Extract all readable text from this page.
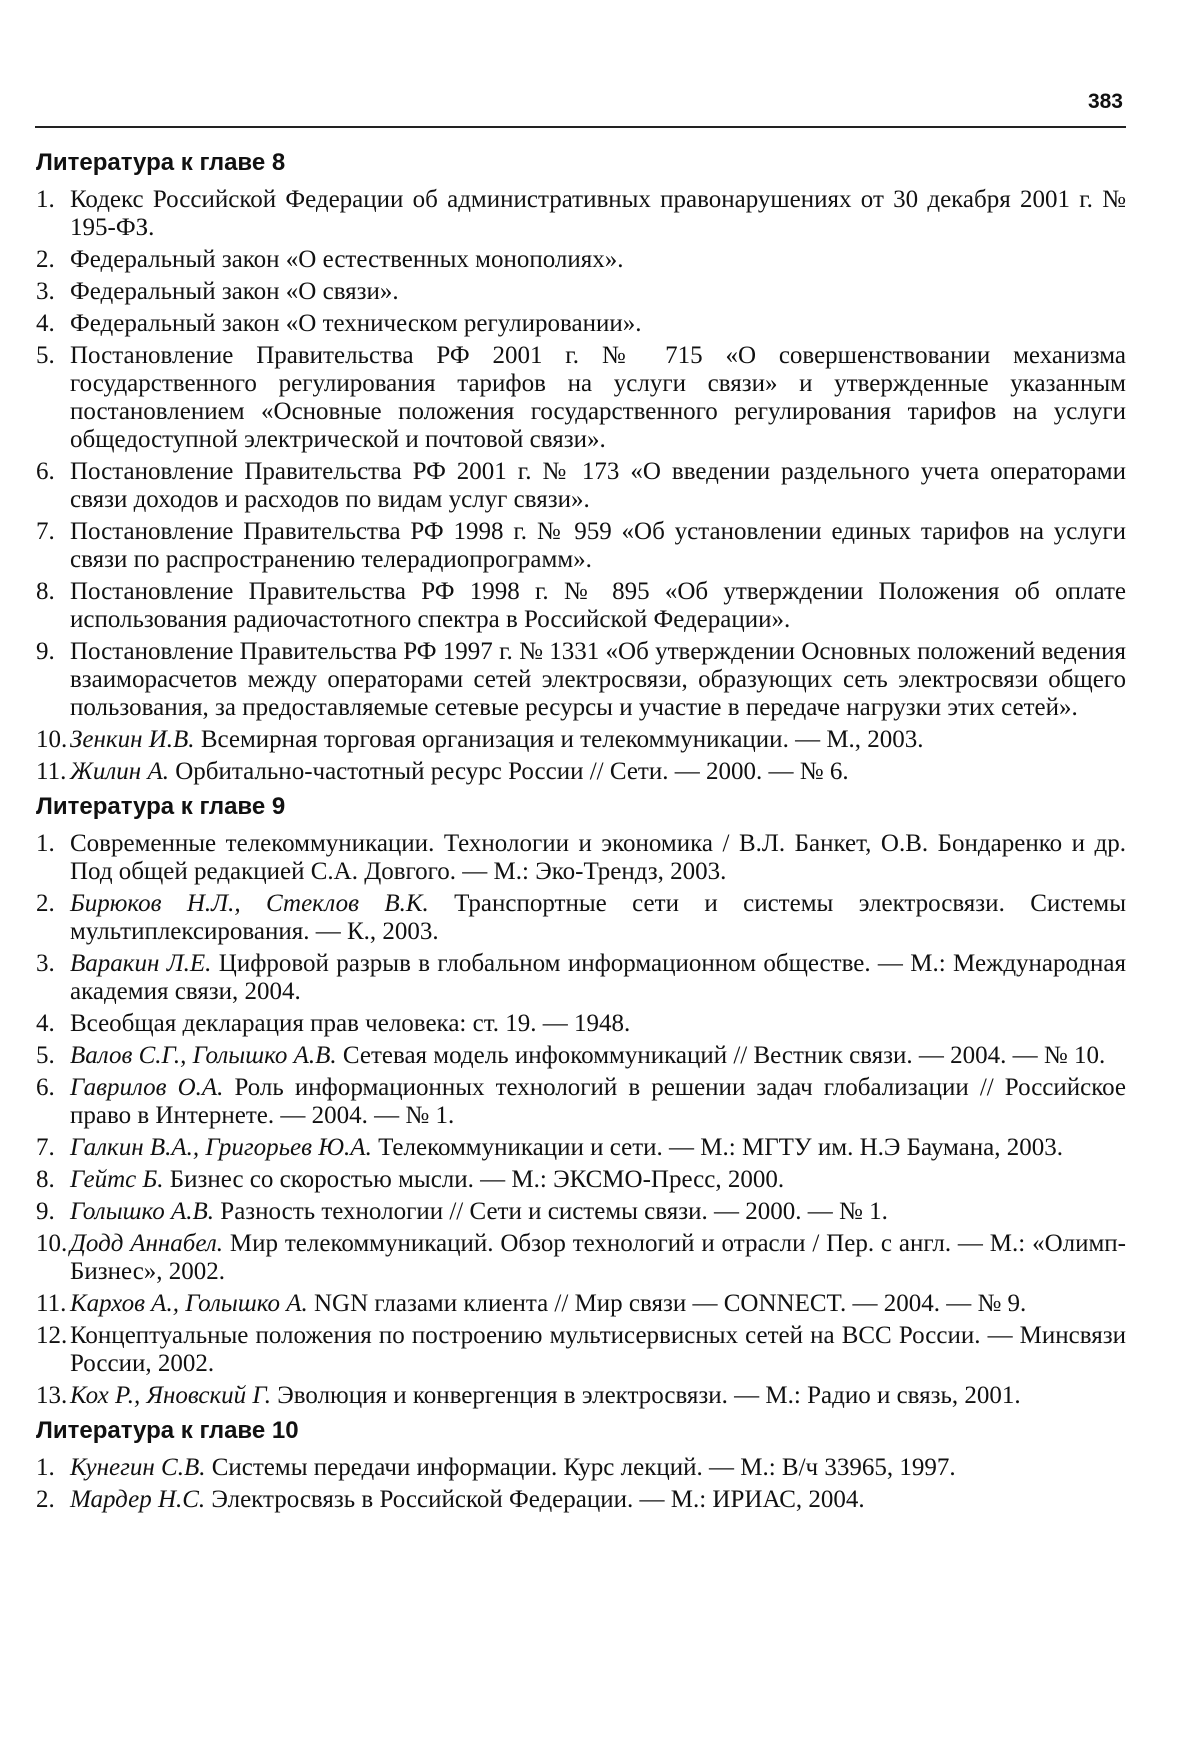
383
Литература к главе 8
1. Кодекс Российской Федерации об административных правонарушениях от 30 декабря 2001 г. № 195-ФЗ.
2. Федеральный закон «О естественных монополиях».
3. Федеральный закон «О связи».
4. Федеральный закон «О техническом регулировании».
5. Постановление Правительства РФ 2001 г. № 715 «О совершенствовании механизма государственного регулирования тарифов на услуги связи» и утвержденные указанным постановлением «Основные положения государственного регулирования тарифов на услуги общедоступной электрической и почтовой связи».
6. Постановление Правительства РФ 2001 г. № 173 «О введении раздельного учета операторами связи доходов и расходов по видам услуг связи».
7. Постановление Правительства РФ 1998 г. № 959 «Об установлении единых тарифов на услуги связи по распространению телерадиопрограмм».
8. Постановление Правительства РФ 1998 г. № 895 «Об утверждении Положения об оплате использования радиочастотного спектра в Российской Федерации».
9. Постановление Правительства РФ 1997 г. № 1331 «Об утверждении Основных положений ведения взаиморасчетов между операторами сетей электросвязи, образующих сеть электросвязи общего пользования, за предоставляемые сетевые ресурсы и участие в передаче нагрузки этих сетей».
10. Зенкин И.В. Всемирная торговая организация и телекоммуникации. — М., 2003.
11. Жилин А. Орбитально-частотный ресурс России // Сети. — 2000. — № 6.
Литература к главе 9
1. Современные телекоммуникации. Технологии и экономика / В.Л. Банкет, О.В. Бондаренко и др. Под общей редакцией С.А. Довгого. — М.: Эко-Трендз, 2003.
2. Бирюков Н.Л., Стеклов В.К. Транспортные сети и системы электросвязи. Системы мультиплексирования. — К., 2003.
3. Варакин Л.Е. Цифровой разрыв в глобальном информационном обществе. — М.: Международная академия связи, 2004.
4. Всеобщая декларация прав человека: ст. 19. — 1948.
5. Валов С.Г., Голышко А.В. Сетевая модель инфокоммуникаций // Вестник связи. — 2004. — № 10.
6. Гаврилов О.А. Роль информационных технологий в решении задач глобализации // Российское право в Интернете. — 2004. — № 1.
7. Галкин В.А., Григорьев Ю.А. Телекоммуникации и сети. — М.: МГТУ им. Н.Э Баумана, 2003.
8. Гейтс Б. Бизнес со скоростью мысли. — М.: ЭКСМО-Пресс, 2000.
9. Голышко А.В. Разность технологии // Сети и системы связи. — 2000. — № 1.
10. Додд Аннабел. Мир телекоммуникаций. Обзор технологий и отрасли / Пер. с англ. — М.: «Олимп-Бизнес», 2002.
11. Кархов А., Голышко А. NGN глазами клиента // Мир связи — CONNECT. — 2004. — № 9.
12. Концептуальные положения по построению мультисервисных сетей на ВСС России. — Минсвязи России, 2002.
13. Кох Р., Яновский Г. Эволюция и конвергенция в электросвязи. — М.: Радио и связь, 2001.
Литература к главе 10
1. Кунегин С.В. Системы передачи информации. Курс лекций. — М.: В/ч 33965, 1997.
2. Мардер Н.С. Электросвязь в Российской Федерации. — М.: ИРИАС, 2004.
